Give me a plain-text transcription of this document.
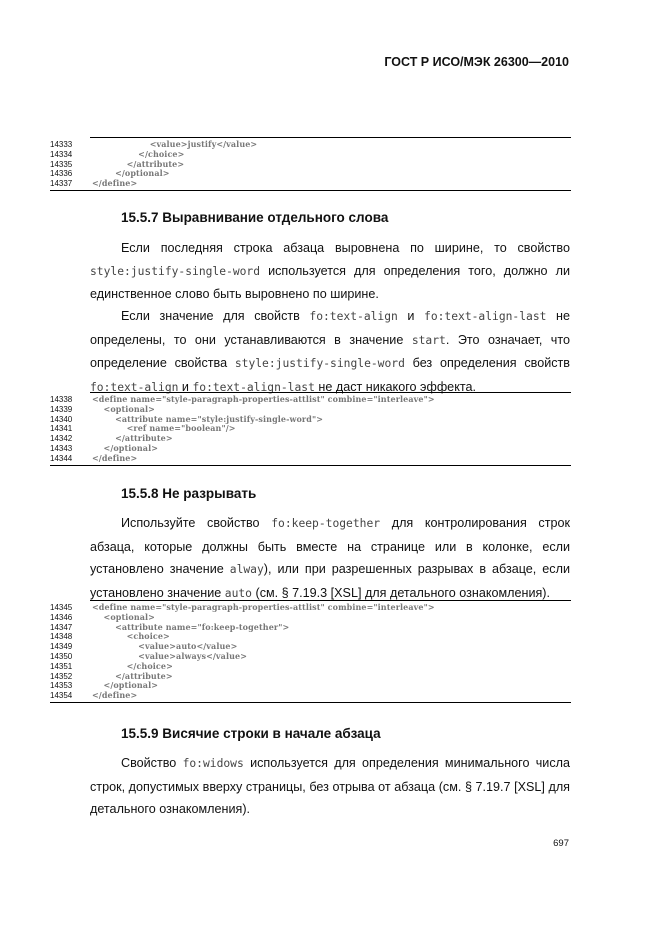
ГОСТ Р ИСО/МЭК 26300—2010
14333	<value>justify</value>
14334	</choice>
14335	</attribute>
14336	</optional>
14337	</define>
15.5.7 Выравнивание отдельного слова

Если последняя строка абзаца выровнена по ширине, то свойство style:justify-single-word используется для определения того, должно ли единственное слово быть выровнено по ширине.

Если значение для свойств fo:text-align и fo:text-align-last не определены, то они устанавливаются в значение start. Это означает, что определение свойства style:justify-single-word без определения свойств fo:text-align и fo:text-align-last не даст никакого эффекта.

14338	<define name="style-paragraph-properties-attlist" combine="interleave">
14339	<optional>
14340	<attribute name="style:justify-single-word">
14341	<ref name="boolean"/>
14342	</attribute>
14343	</optional>
14344	</define>
15.5.8 Не разрывать

Используйте свойство fo:keep-together для контролирования строк абзаца, которые должны быть вместе на странице или в колонке, если установлено значение alway), или при разрешенных разрывах в абзаце, если установлено значение auto (см. § 7.19.3 [XSL] для детального ознакомления).

14345	<define name="style-paragraph-properties-attlist" combine="interleave">
14346	<optional>
14347	<attribute name="fo:keep-together">
14348	<choice>
14349	<value>auto</value>
14350	<value>always</value>
14351	</choice>
14352	</attribute>
14353	</optional>
14354	</define>
15.5.9 Висячие строки в начале абзаца

Свойство fo:widows используется для определения минимального числа строк, допустимых вверху страницы, без отрыва от абзаца (см. § 7.19.7 [XSL] для детального ознакомления).

697
